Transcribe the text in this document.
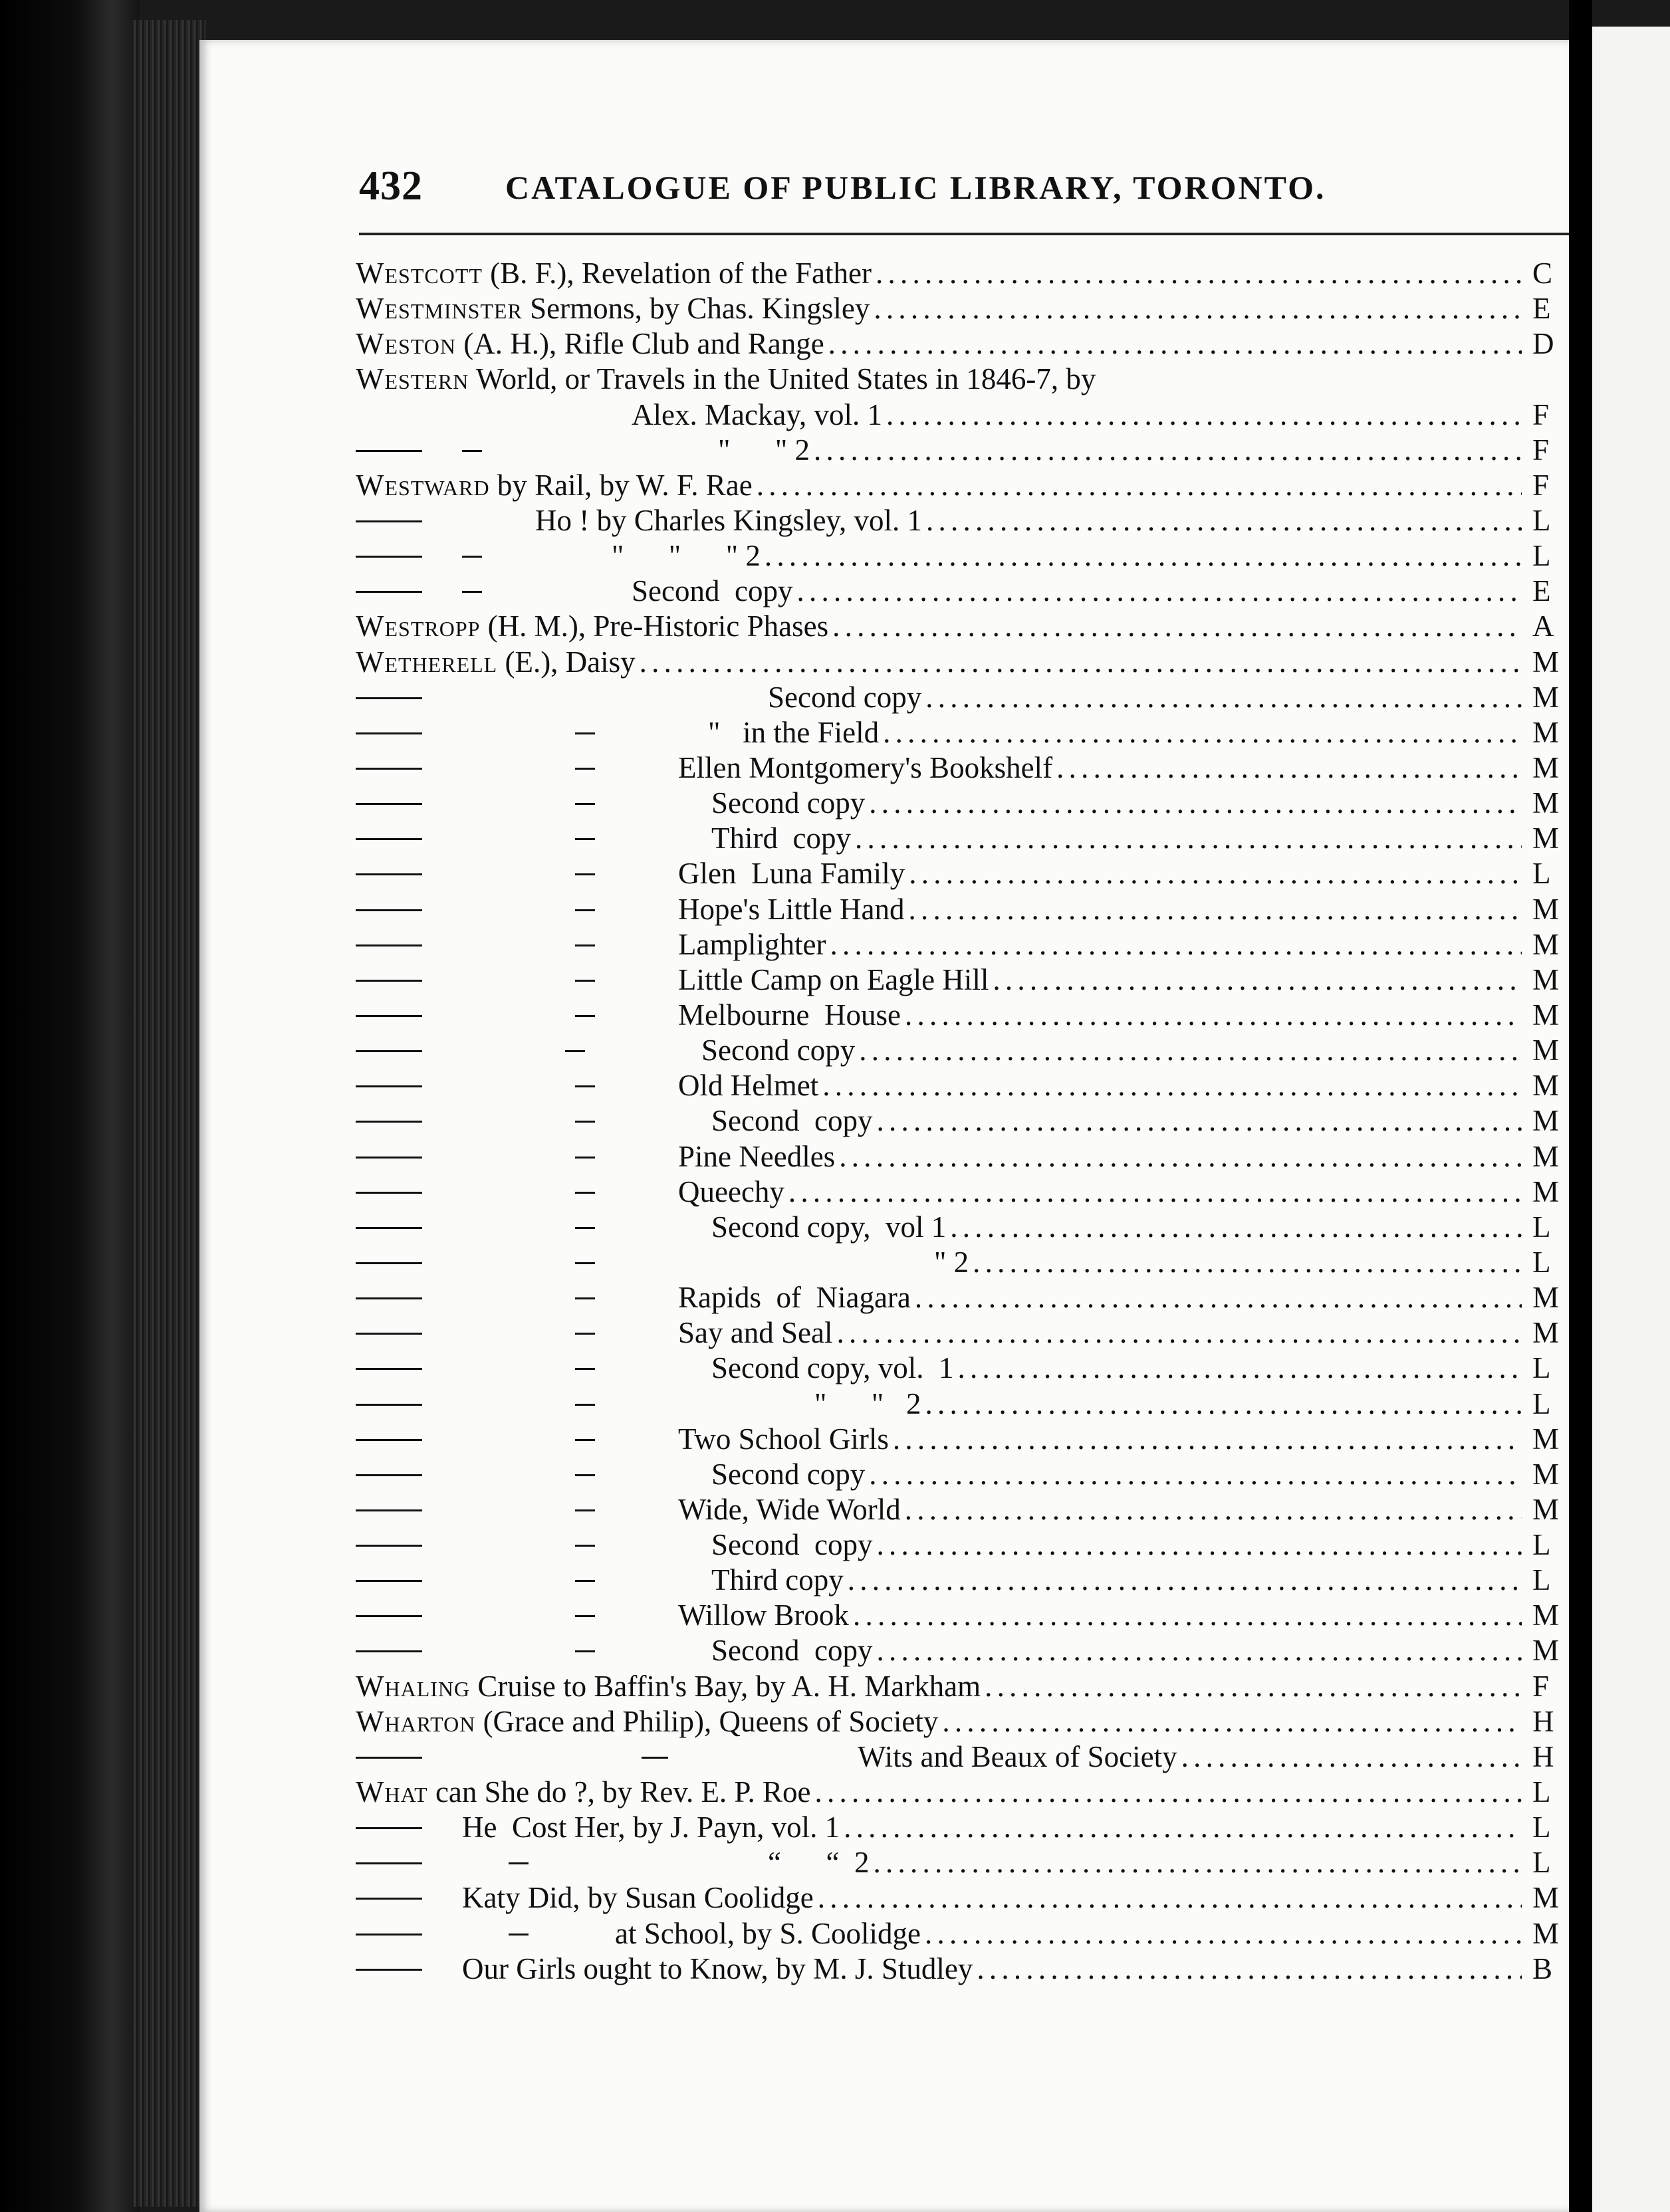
432 CATALOGUE OF PUBLIC LIBRARY, TORONTO.
Westcott (B. F.), Revelation of the Father . . .	C
Westminster Sermons, by Chas. Kingsley . . .	E
Weston (A. H.), Rifle Club and Range . . .	D
Western World, or Travels in the United States in 1846-7, by
Alex. Mackay, vol. 1 . . .	F
"      " 2 . . .	F
Westward by Rail, by W. F. Rae . . .	F
Ho ! by Charles Kingsley, vol. 1 . . .	L
"      "      " 2 . . .	L
Second  copy . . .	E
Westropp (H. M.), Pre-Historic Phases . . .	A
Wetherell (E.), Daisy . . .	M
Second copy . . .	M
"   in the Field . . .	M
Ellen Montgomery's Bookshelf . . .	M
Second copy . . .	M
Third  copy . . .	M
Glen  Luna Family . . .	L
Hope's Little Hand . . .	M
Lamplighter . . .	M
Little Camp on Eagle Hill . . .	M
Melbourne  House . . .	M
Second copy . . .	M
Old Helmet . . .	M
Second  copy . . .	M
Pine Needles . . .	M
Queechy . . .	M
Second copy,  vol 1 . . .	L
" 2 . . .	L
Rapids  of  Niagara . . .	M
Say and Seal . . .	M
Second copy, vol.  1 . . .	L
"      "   2 . . .	L
Two School Girls . . .	M
Second copy . . .	M
Wide, Wide World . . .	M
Second  copy . . .	L
Third copy . . .	L
Willow Brook . . .	M
Second  copy . . .	M
Whaling Cruise to Baffin's Bay, by A. H. Markham . . .	F
Wharton (Grace and Philip), Queens of Society . . .	H
Wits and Beaux of Society . . .	H
What can She do ?, by Rev. E. P. Roe . . .	L
He  Cost Her, by J. Payn, vol. 1 . . .	L
“      “  2 . . .	L
Katy Did, by Susan Coolidge . . .	M
at School, by S. Coolidge . . .	M
Our Girls ought to Know, by M. J. Studley . . .	B
